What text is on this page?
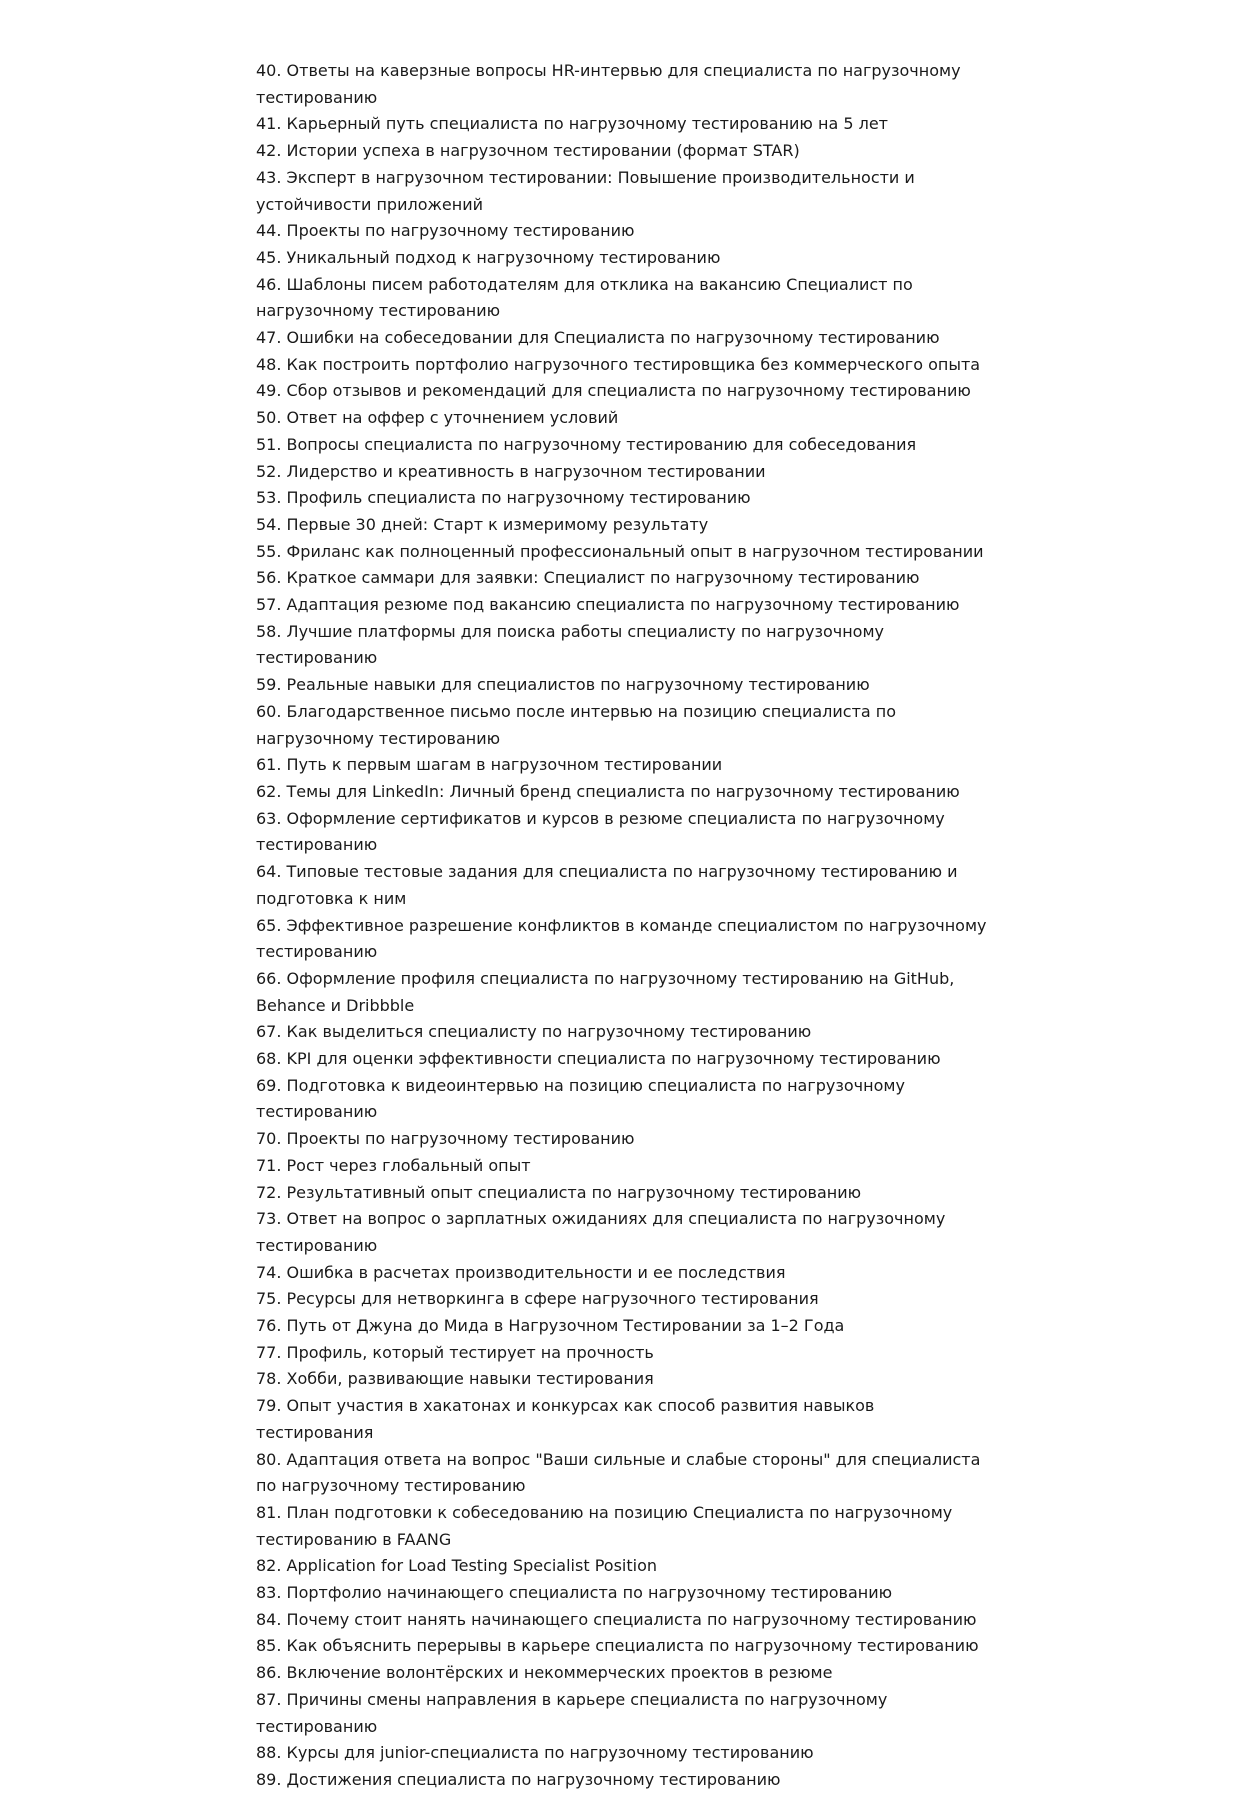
40. Ответы на каверзные вопросы HR-интервью для специалиста по нагрузочному тестированию
41. Карьерный путь специалиста по нагрузочному тестированию на 5 лет
42. Истории успеха в нагрузочном тестировании (формат STAR)
43. Эксперт в нагрузочном тестировании: Повышение производительности и устойчивости приложений
44. Проекты по нагрузочному тестированию
45. Уникальный подход к нагрузочному тестированию
46. Шаблоны писем работодателям для отклика на вакансию Специалист по нагрузочному тестированию
47. Ошибки на собеседовании для Специалиста по нагрузочному тестированию
48. Как построить портфолио нагрузочного тестировщика без коммерческого опыта
49. Сбор отзывов и рекомендаций для специалиста по нагрузочному тестированию
50. Ответ на оффер с уточнением условий
51. Вопросы специалиста по нагрузочному тестированию для собеседования
52. Лидерство и креативность в нагрузочном тестировании
53. Профиль специалиста по нагрузочному тестированию
54. Первые 30 дней: Старт к измеримому результату
55. Фриланс как полноценный профессиональный опыт в нагрузочном тестировании
56. Краткое саммари для заявки: Специалист по нагрузочному тестированию
57. Адаптация резюме под вакансию специалиста по нагрузочному тестированию
58. Лучшие платформы для поиска работы специалисту по нагрузочному тестированию
59. Реальные навыки для специалистов по нагрузочному тестированию
60. Благодарственное письмо после интервью на позицию специалиста по нагрузочному тестированию
61. Путь к первым шагам в нагрузочном тестировании
62. Темы для LinkedIn: Личный бренд специалиста по нагрузочному тестированию
63. Оформление сертификатов и курсов в резюме специалиста по нагрузочному тестированию
64. Типовые тестовые задания для специалиста по нагрузочному тестированию и подготовка к ним
65. Эффективное разрешение конфликтов в команде специалистом по нагрузочному тестированию
66. Оформление профиля специалиста по нагрузочному тестированию на GitHub, Behance и Dribbble
67. Как выделиться специалисту по нагрузочному тестированию
68. KPI для оценки эффективности специалиста по нагрузочному тестированию
69. Подготовка к видеоинтервью на позицию специалиста по нагрузочному тестированию
70. Проекты по нагрузочному тестированию
71. Рост через глобальный опыт
72. Результативный опыт специалиста по нагрузочному тестированию
73. Ответ на вопрос о зарплатных ожиданиях для специалиста по нагрузочному тестированию
74. Ошибка в расчетах производительности и ее последствия
75. Ресурсы для нетворкинга в сфере нагрузочного тестирования
76. Путь от Джуна до Мида в Нагрузочном Тестировании за 1–2 Года
77. Профиль, который тестирует на прочность
78. Хобби, развивающие навыки тестирования
79. Опыт участия в хакатонах и конкурсах как способ развития навыков тестирования
80. Адаптация ответа на вопрос "Ваши сильные и слабые стороны" для специалиста по нагрузочному тестированию
81. План подготовки к собеседованию на позицию Специалиста по нагрузочному тестированию в FAANG
82. Application for Load Testing Specialist Position
83. Портфолио начинающего специалиста по нагрузочному тестированию
84. Почему стоит нанять начинающего специалиста по нагрузочному тестированию
85. Как объяснить перерывы в карьере специалиста по нагрузочному тестированию
86. Включение волонтёрских и некоммерческих проектов в резюме
87. Причины смены направления в карьере специалиста по нагрузочному тестированию
88. Курсы для junior-специалиста по нагрузочному тестированию
89. Достижения специалиста по нагрузочному тестированию
